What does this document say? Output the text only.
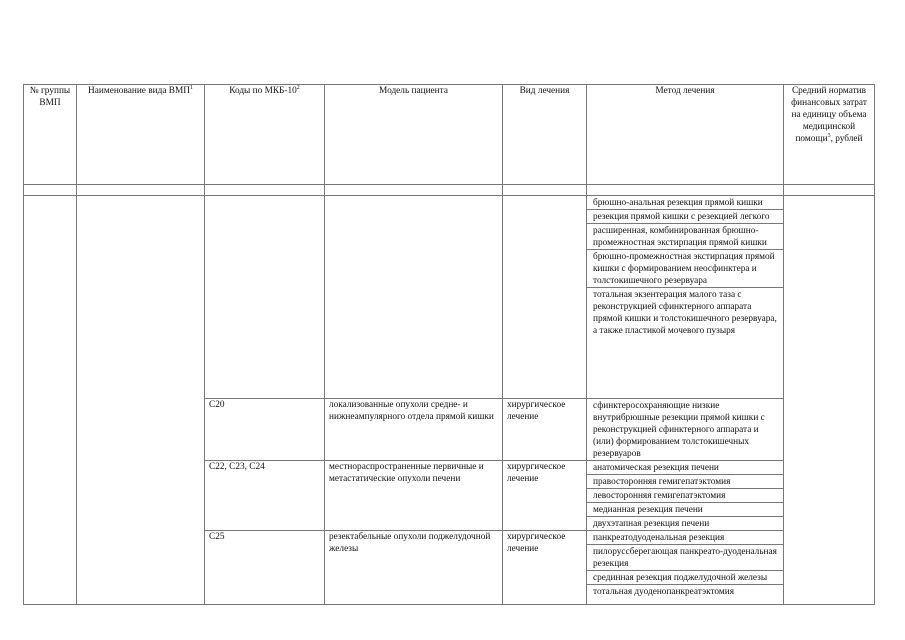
№ группы ВМП	Наименование вида ВМП$^1$	Коды по МКБ-$10^2$	Модель пациента	Вид лечения	Метод лечения	Средний норматив финансовых затрат на единицу объема медицинской помощи$^3$, рублей

					брюшно-анальная резекция прямой кишки
резекция прямой кишки с резекцией легкого
расширенная, комбинированная брюшно-промежностная экстирпация прямой кишки
брюшно-промежностная экстирпация прямой кишки с формированием неосфинктера и толстокишечного резервуара
тотальная экзентерация малого таза с реконструкцией сфинктерного аппарата прямой кишки и толстокишечного резервуара, а также пластикой мочевого пузыря	

		C20	локализованные опухоли средне- и нижнеампулярного отдела прямой кишки	хирургическое лечение	сфинктеросохраняющие низкие внутрибрюшные резекции прямой кишки с реконструкцией сфинктерного аппарата и (или) формированием толстокишечных резервуаров	

		C22, C23, C24	местнораспространенные первичные и метастатические опухоли печени	хирургическое лечение	анатомическая резекция печени
правосторонняя гемигепатэктомия
левосторонняя гемигепатэктомия
медианная резекция печени
двухэтапная резекция печени	

		C25	резектабельные опухоли поджелудочной железы	хирургическое лечение	панкреатодуоденальная резекция
пилоруссберегающая панкреато-дуоденальная резекция
срединная резекция поджелудочной железы
тотальная дуоденопанкреатэктомия	
